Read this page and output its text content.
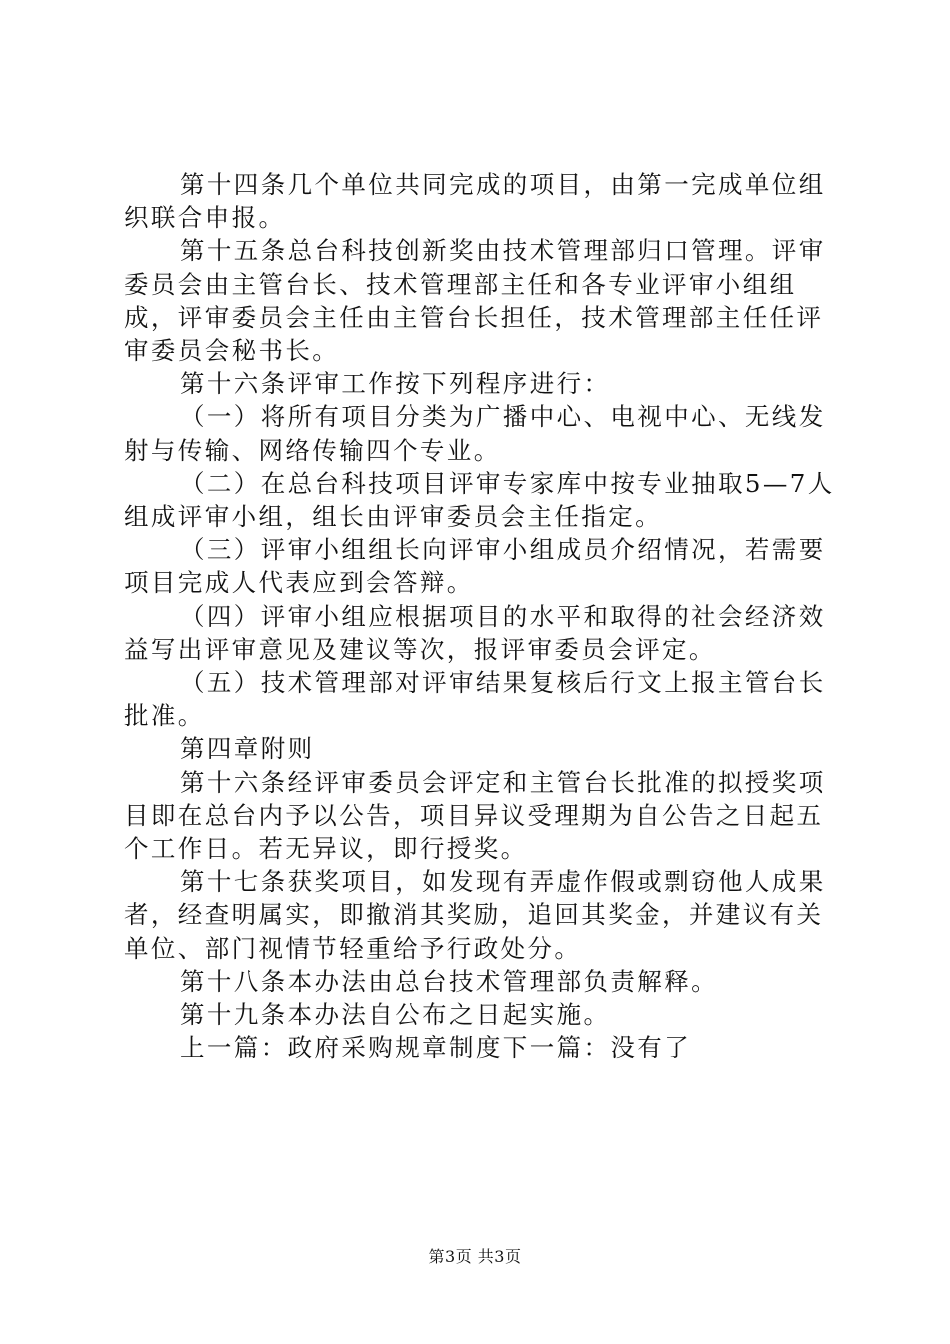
第十四条几个单位共同完成的项目，由第一完成单位组织联合申报。

第十五条总台科技创新奖由技术管理部归口管理。评审委员会由主管台长、技术管理部主任和各专业评审小组组成，评审委员会主任由主管台长担任，技术管理部主任任评审委员会秘书长。

第十六条评审工作按下列程序进行：

（一）将所有项目分类为广播中心、电视中心、无线发射与传输、网络传输四个专业。

（二）在总台科技项目评审专家库中按专业抽取5—7人组成评审小组，组长由评审委员会主任指定。

（三）评审小组组长向评审小组成员介绍情况，若需要项目完成人代表应到会答辩。

（四）评审小组应根据项目的水平和取得的社会经济效益写出评审意见及建议等次，报评审委员会评定。

（五）技术管理部对评审结果复核后行文上报主管台长批准。

第四章附则

第十六条经评审委员会评定和主管台长批准的拟授奖项目即在总台内予以公告，项目异议受理期为自公告之日起五个工作日。若无异议，即行授奖。

第十七条获奖项目，如发现有弄虚作假或剽窃他人成果者，经查明属实，即撤消其奖励，追回其奖金，并建议有关单位、部门视情节轻重给予行政处分。

第十八条本办法由总台技术管理部负责解释。

第十九条本办法自公布之日起实施。

上一篇：政府采购规章制度下一篇：没有了

第3页 共3页
